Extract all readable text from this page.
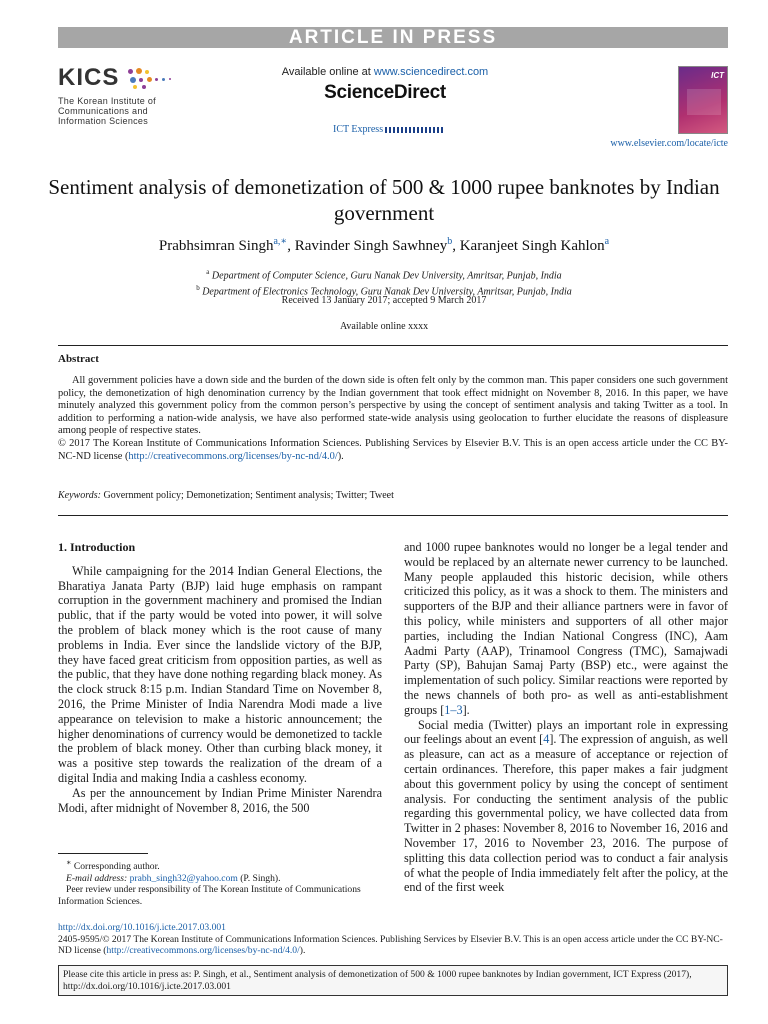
ARTICLE IN PRESS
KICS
The Korean Institute of
Communications and
Information Sciences
Available online at www.sciencedirect.com
ScienceDirect
ICT Express
ICT
www.elsevier.com/locate/icte
Sentiment analysis of demonetization of 500 & 1000 rupee banknotes by Indian government
Prabhsimran Singh$^{a,∗}$, Ravinder Singh Sawhney$^b$, Karanjeet Singh Kahlon$^a$
$^a$ Department of Computer Science, Guru Nanak Dev University, Amritsar, Punjab, India
$^b$ Department of Electronics Technology, Guru Nanak Dev University, Amritsar, Punjab, India
Received 13 January 2017; accepted 9 March 2017
Available online xxxx
Abstract

All government policies have a down side and the burden of the down side is often felt only by the common man. This paper considers one such government policy, the demonetization of high denomination currency by the Indian government that took effect midnight on November 8, 2016. In this paper, we have minutely analyzed this government policy from the common person’s perspective by using the concept of sentiment analysis and taking Twitter as a tool. In addition to performing a nation-wide analysis, we have also performed state-wide analysis using geolocation to further elucidate the reasons of displeasure among people of respective states.

© 2017 The Korean Institute of Communications Information Sciences. Publishing Services by Elsevier B.V. This is an open access article under the CC BY-NC-ND license (http://creativecommons.org/licenses/by-nc-nd/4.0/).

Keywords: Government policy; Demonetization; Sentiment analysis; Twitter; Tweet
1. Introduction

While campaigning for the 2014 Indian General Elections, the Bharatiya Janata Party (BJP) laid huge emphasis on rampant corruption in the government machinery and promised the Indian public, that if the party would be voted into power, it will solve the problem of black money which is the root cause of many problems in India. Ever since the landslide victory of the BJP, they have faced great criticism from opposition parties, as well as the public, that they have done nothing regarding black money. As the clock struck 8:15 p.m. Indian Standard Time on November 8, 2016, the Prime Minister of India Narendra Modi made a live appearance on television to make a historic announcement; the higher denominations of currency would be demonetized to tackle the problem of black money. Other than curbing black money, it was a positive step towards the realization of the dream of a digital India and making India a cashless economy.

As per the announcement by Indian Prime Minister Narendra Modi, after midnight of November 8, 2016, the 500

and 1000 rupee banknotes would no longer be a legal tender and would be replaced by an alternate newer currency to be launched. Many people applauded this historic decision, while others criticized this policy, as it was a shock to them. The ministers and supporters of the BJP and their alliance partners were in favor of this policy, while ministers and supporters of all other major parties, including the Indian National Congress (INC), Aam Aadmi Party (AAP), Trinamool Congress (TMC), Samajwadi Party (SP), Bahujan Samaj Party (BSP) etc., were against the implementation of such policy. Similar reactions were reported by the news channels of both pro- as well as anti-establishment groups [1–3].

Social media (Twitter) plays an important role in expressing our feelings about an event [4]. The expression of anguish, as well as pleasure, can act as a measure of acceptance or rejection of certain ordinances. Therefore, this paper makes a fair judgment about this government policy by using the concept of sentiment analysis. For conducting the sentiment analysis of the public regarding this governmental policy, we have collected data from Twitter in 2 phases: November 8, 2016 to November 16, 2016 and November 17, 2016 to November 23, 2016. The purpose of splitting this data collection period was to conduct a fair analysis of what the people of India immediately felt after the policy, at the end of the first week

∗ Corresponding author.

E-mail address: prabh_singh32@yahoo.com (P. Singh).

Peer review under responsibility of The Korean Institute of Communications Information Sciences.

http://dx.doi.org/10.1016/j.icte.2017.03.001
2405-9595/© 2017 The Korean Institute of Communications Information Sciences. Publishing Services by Elsevier B.V. This is an open access article under the CC BY-NC-ND license (http://creativecommons.org/licenses/by-nc-nd/4.0/).
Please cite this article in press as: P. Singh, et al., Sentiment analysis of demonetization of 500 & 1000 rupee banknotes by Indian government, ICT Express (2017), http://dx.doi.org/10.1016/j.icte.2017.03.001
